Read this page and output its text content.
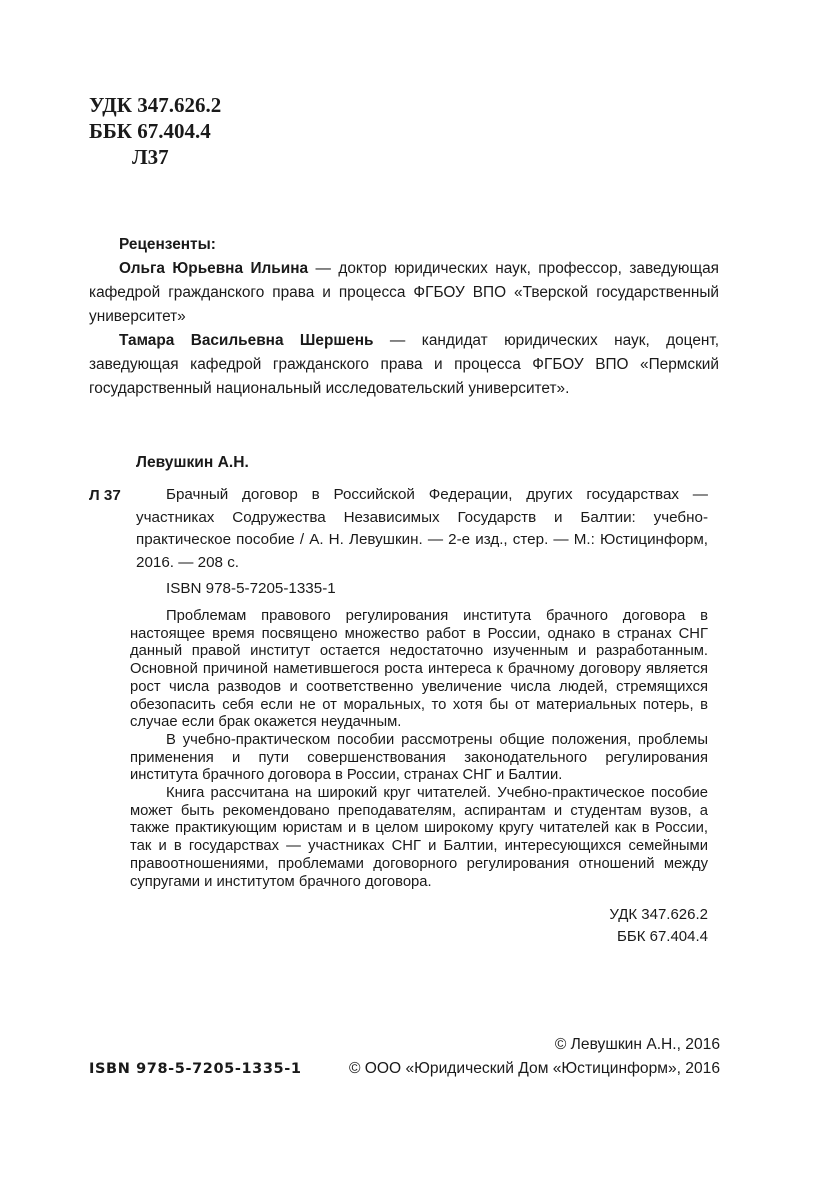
УДК 347.626.2
ББК 67.404.4
Л37

Рецензенты:

Ольга Юрьевна Ильина — доктор юридических наук, профессор, заведующая кафедрой гражданского права и процесса ФГБОУ ВПО «Тверской государственный университет»

Тамара Васильевна Шершень — кандидат юридических наук, доцент, заведующая кафедрой гражданского права и процесса ФГБОУ ВПО «Пермский государственный национальный исследовательский университет».

Левушкин А.Н.
Л 37	Брачный договор в Российской Федерации, других государствах — участниках Содружества Независимых Государств и Балтии: учебно-практическое пособие / А. Н. Левушкин. — 2-е изд., стер. — М.: Юстицинформ, 2016. — 208 с.
ISBN 978-5-7205-1335-1

Проблемам правового регулирования института брачного договора в настоящее время посвящено множество работ в России, однако в странах СНГ данный правой институт остается недостаточно изученным и разработанным. Основной причиной наметившегося роста интереса к брачному договору является рост числа разводов и соответственно увеличение числа людей, стремящихся обезопасить себя если не от моральных, то хотя бы от материальных потерь, в случае если брак окажется неудачным.

В учебно-практическом пособии рассмотрены общие положения, проблемы применения и пути совершенствования законодательного регулирования института брачного договора в России, странах СНГ и Балтии.

Книга рассчитана на широкий круг читателей. Учебно-практическое пособие может быть рекомендовано преподавателям, аспирантам и студентам вузов, а также практикующим юристам и в целом широкому кругу читателей как в России, так и в государствах — участниках СНГ и Балтии, интересующихся семейными правоотношениями, проблемами договорного регулирования отношений между супругами и институтом брачного договора.

УДК 347.626.2
ББК 67.404.4
ISBN 978-5-7205-1335-1
© Левушкин А.Н., 2016
© ООО «Юридический Дом «Юстицинформ», 2016
